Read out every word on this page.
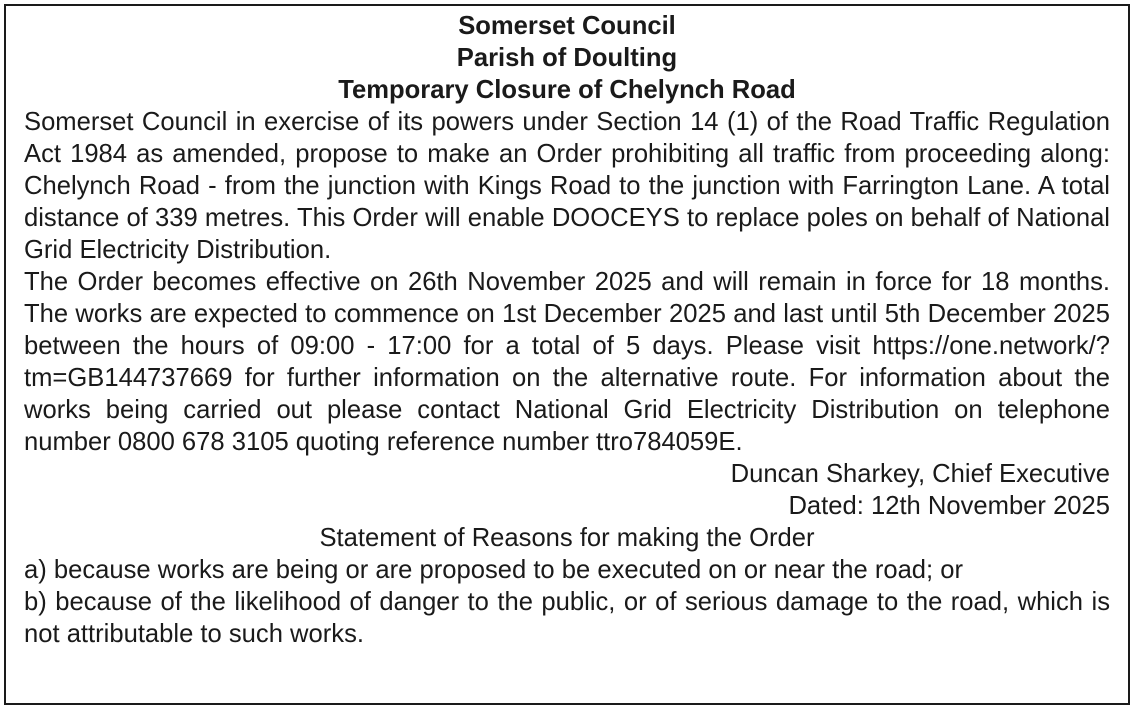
Somerset Council

Parish of Doulting

Temporary Closure of Chelynch Road

Somerset Council in exercise of its powers under Section 14 (1) of the Road Traffic Regulation Act 1984 as amended, propose to make an Order prohibiting all traffic from proceeding along: Chelynch Road - from the junction with Kings Road to the junction with Farrington Lane. A total distance of 339 metres. This Order will enable DOOCEYS to replace poles on behalf of National Grid Electricity Distribution.

The Order becomes effective on 26th November 2025 and will remain in force for 18 months. The works are expected to commence on 1st December 2025 and last until 5th December 2025 between the hours of 09:00 - 17:00 for a total of 5 days. Please visit https://one.network/?tm=GB144737669 for further information on the alternative route. For information about the works being carried out please contact National Grid Electricity Distribution on telephone number 0800 678 3105 quoting reference number ttro784059E.

Duncan Sharkey, Chief Executive

Dated: 12th November 2025

Statement of Reasons for making the Order

a) because works are being or are proposed to be executed on or near the road; or

b) because of the likelihood of danger to the public, or of serious damage to the road, which is not attributable to such works.
